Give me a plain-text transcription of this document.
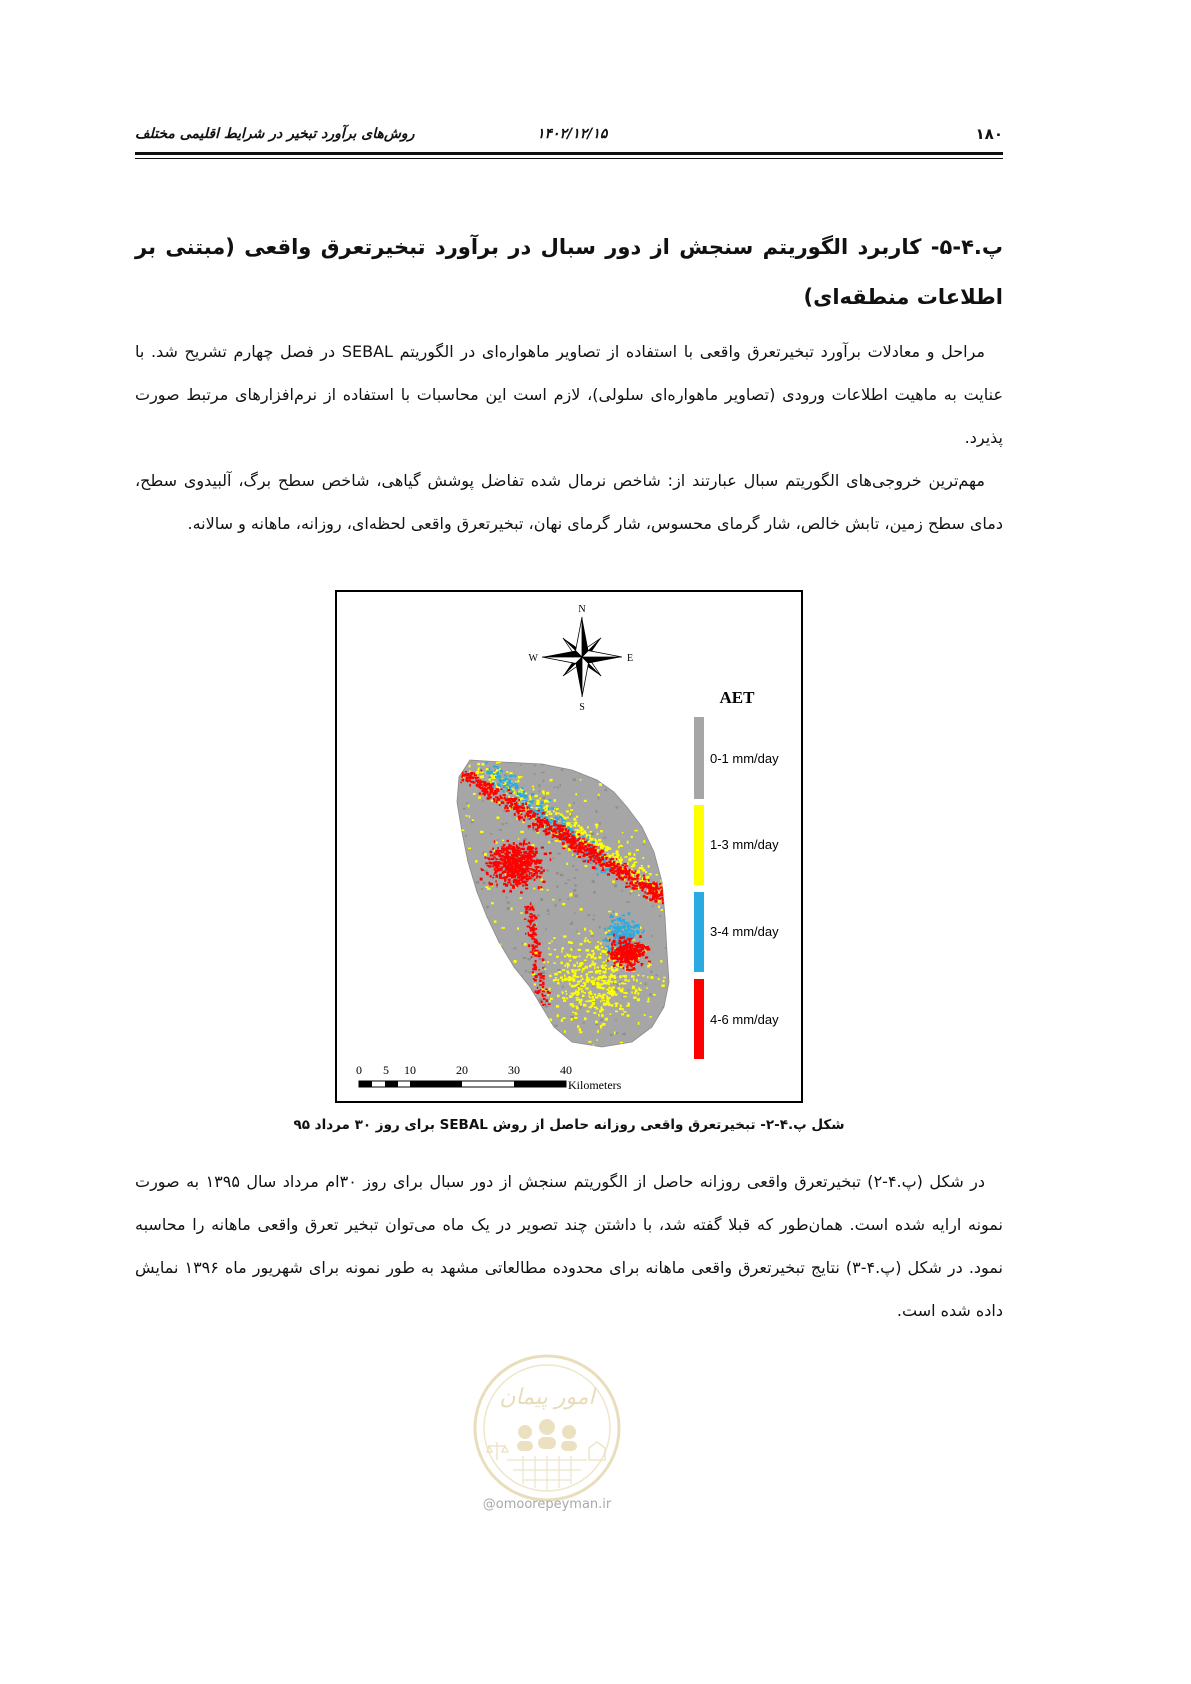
۱۸۰
۱۴۰۲/۱۲/۱۵
روش‌های برآورد تبخیر در شرایط اقلیمی مختلف
پ.۴-۵- کاربرد الگوریتم سنجش از دور سبال در برآورد تبخیرتعرق واقعی (مبتنی بر اطلاعات منطقه‌ای)

مراحل و معادلات برآورد تبخیرتعرق واقعی با استفاده از تصاویر ماهواره‌ای در الگوریتم SEBAL در فصل چهارم تشریح شد. با عنایت به ماهیت اطلاعات ورودی (تصاویر ماهواره‌ای سلولی)، لازم است این محاسبات با استفاده از نرم‌افزارهای مرتبط صورت پذیرد.

مهم‌ترین خروجی‌های الگوریتم سبال عبارتند از: شاخص نرمال شده تفاضل پوشش گیاهی، شاخص سطح برگ، آلبیدوی سطح، دمای سطح زمین، تابش خالص، شار گرمای محسوس، شار گرمای نهان، تبخیرتعرق واقعی لحظه‌ای، روزانه، ماهانه و سالانه.

N
E
S
W
AET
0-1 mm/day
1-3 mm/day
3-4 mm/day
4-6 mm/day
0 5 10	20	30	40
Kilometers

شکل پ.۴-۲- تبخیرتعرق واقعی روزانه حاصل از روش SEBAL برای روز ۳۰ مرداد ۹۵

در شکل (پ.۴-۲) تبخیرتعرق واقعی روزانه حاصل از الگوریتم سنجش از دور سبال برای روز ۳۰ام مرداد سال ۱۳۹۵ به صورت نمونه ارایه شده است. همان‌طور که قبلا گفته شد، با داشتن چند تصویر در یک ماه می‌توان تبخیر تعرق واقعی ماهانه را محاسبه نمود. در شکل (پ.۴-۳) نتایج تبخیرتعرق واقعی ماهانه برای محدوده مطالعاتی مشهد به طور نمونه برای شهریور ماه ۱۳۹۶ نمایش داده شده است.

امور پیمان
@omoorepeyman.ir
